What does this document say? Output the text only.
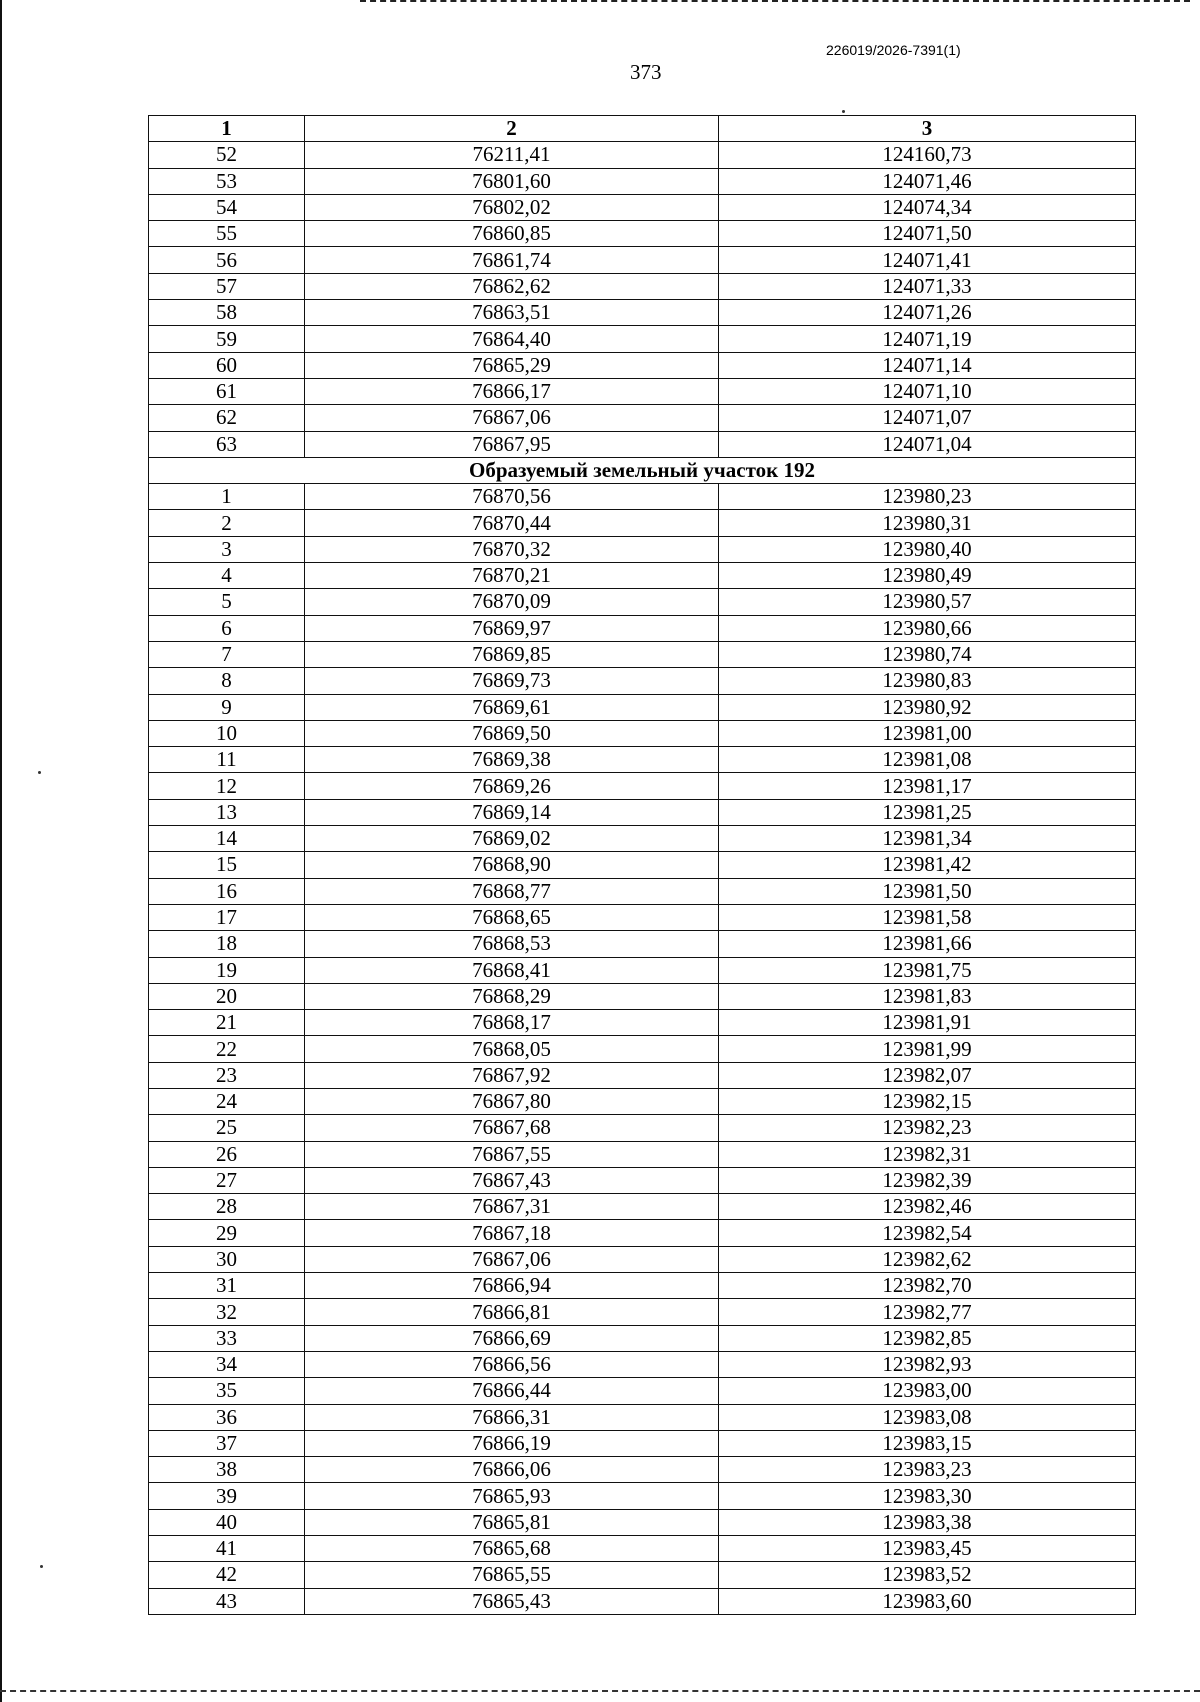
226019/2026-7391(1)
373
1	2	3
52	76211,41	124160,73
53	76801,60	124071,46
54	76802,02	124074,34
55	76860,85	124071,50
56	76861,74	124071,41
57	76862,62	124071,33
58	76863,51	124071,26
59	76864,40	124071,19
60	76865,29	124071,14
61	76866,17	124071,10
62	76867,06	124071,07
63	76867,95	124071,04
Образуемый земельный участок 192		
1	76870,56	123980,23
2	76870,44	123980,31
3	76870,32	123980,40
4	76870,21	123980,49
5	76870,09	123980,57
6	76869,97	123980,66
7	76869,85	123980,74
8	76869,73	123980,83
9	76869,61	123980,92
10	76869,50	123981,00
11	76869,38	123981,08
12	76869,26	123981,17
13	76869,14	123981,25
14	76869,02	123981,34
15	76868,90	123981,42
16	76868,77	123981,50
17	76868,65	123981,58
18	76868,53	123981,66
19	76868,41	123981,75
20	76868,29	123981,83
21	76868,17	123981,91
22	76868,05	123981,99
23	76867,92	123982,07
24	76867,80	123982,15
25	76867,68	123982,23
26	76867,55	123982,31
27	76867,43	123982,39
28	76867,31	123982,46
29	76867,18	123982,54
30	76867,06	123982,62
31	76866,94	123982,70
32	76866,81	123982,77
33	76866,69	123982,85
34	76866,56	123982,93
35	76866,44	123983,00
36	76866,31	123983,08
37	76866,19	123983,15
38	76866,06	123983,23
39	76865,93	123983,30
40	76865,81	123983,38
41	76865,68	123983,45
42	76865,55	123983,52
43	76865,43	123983,60
